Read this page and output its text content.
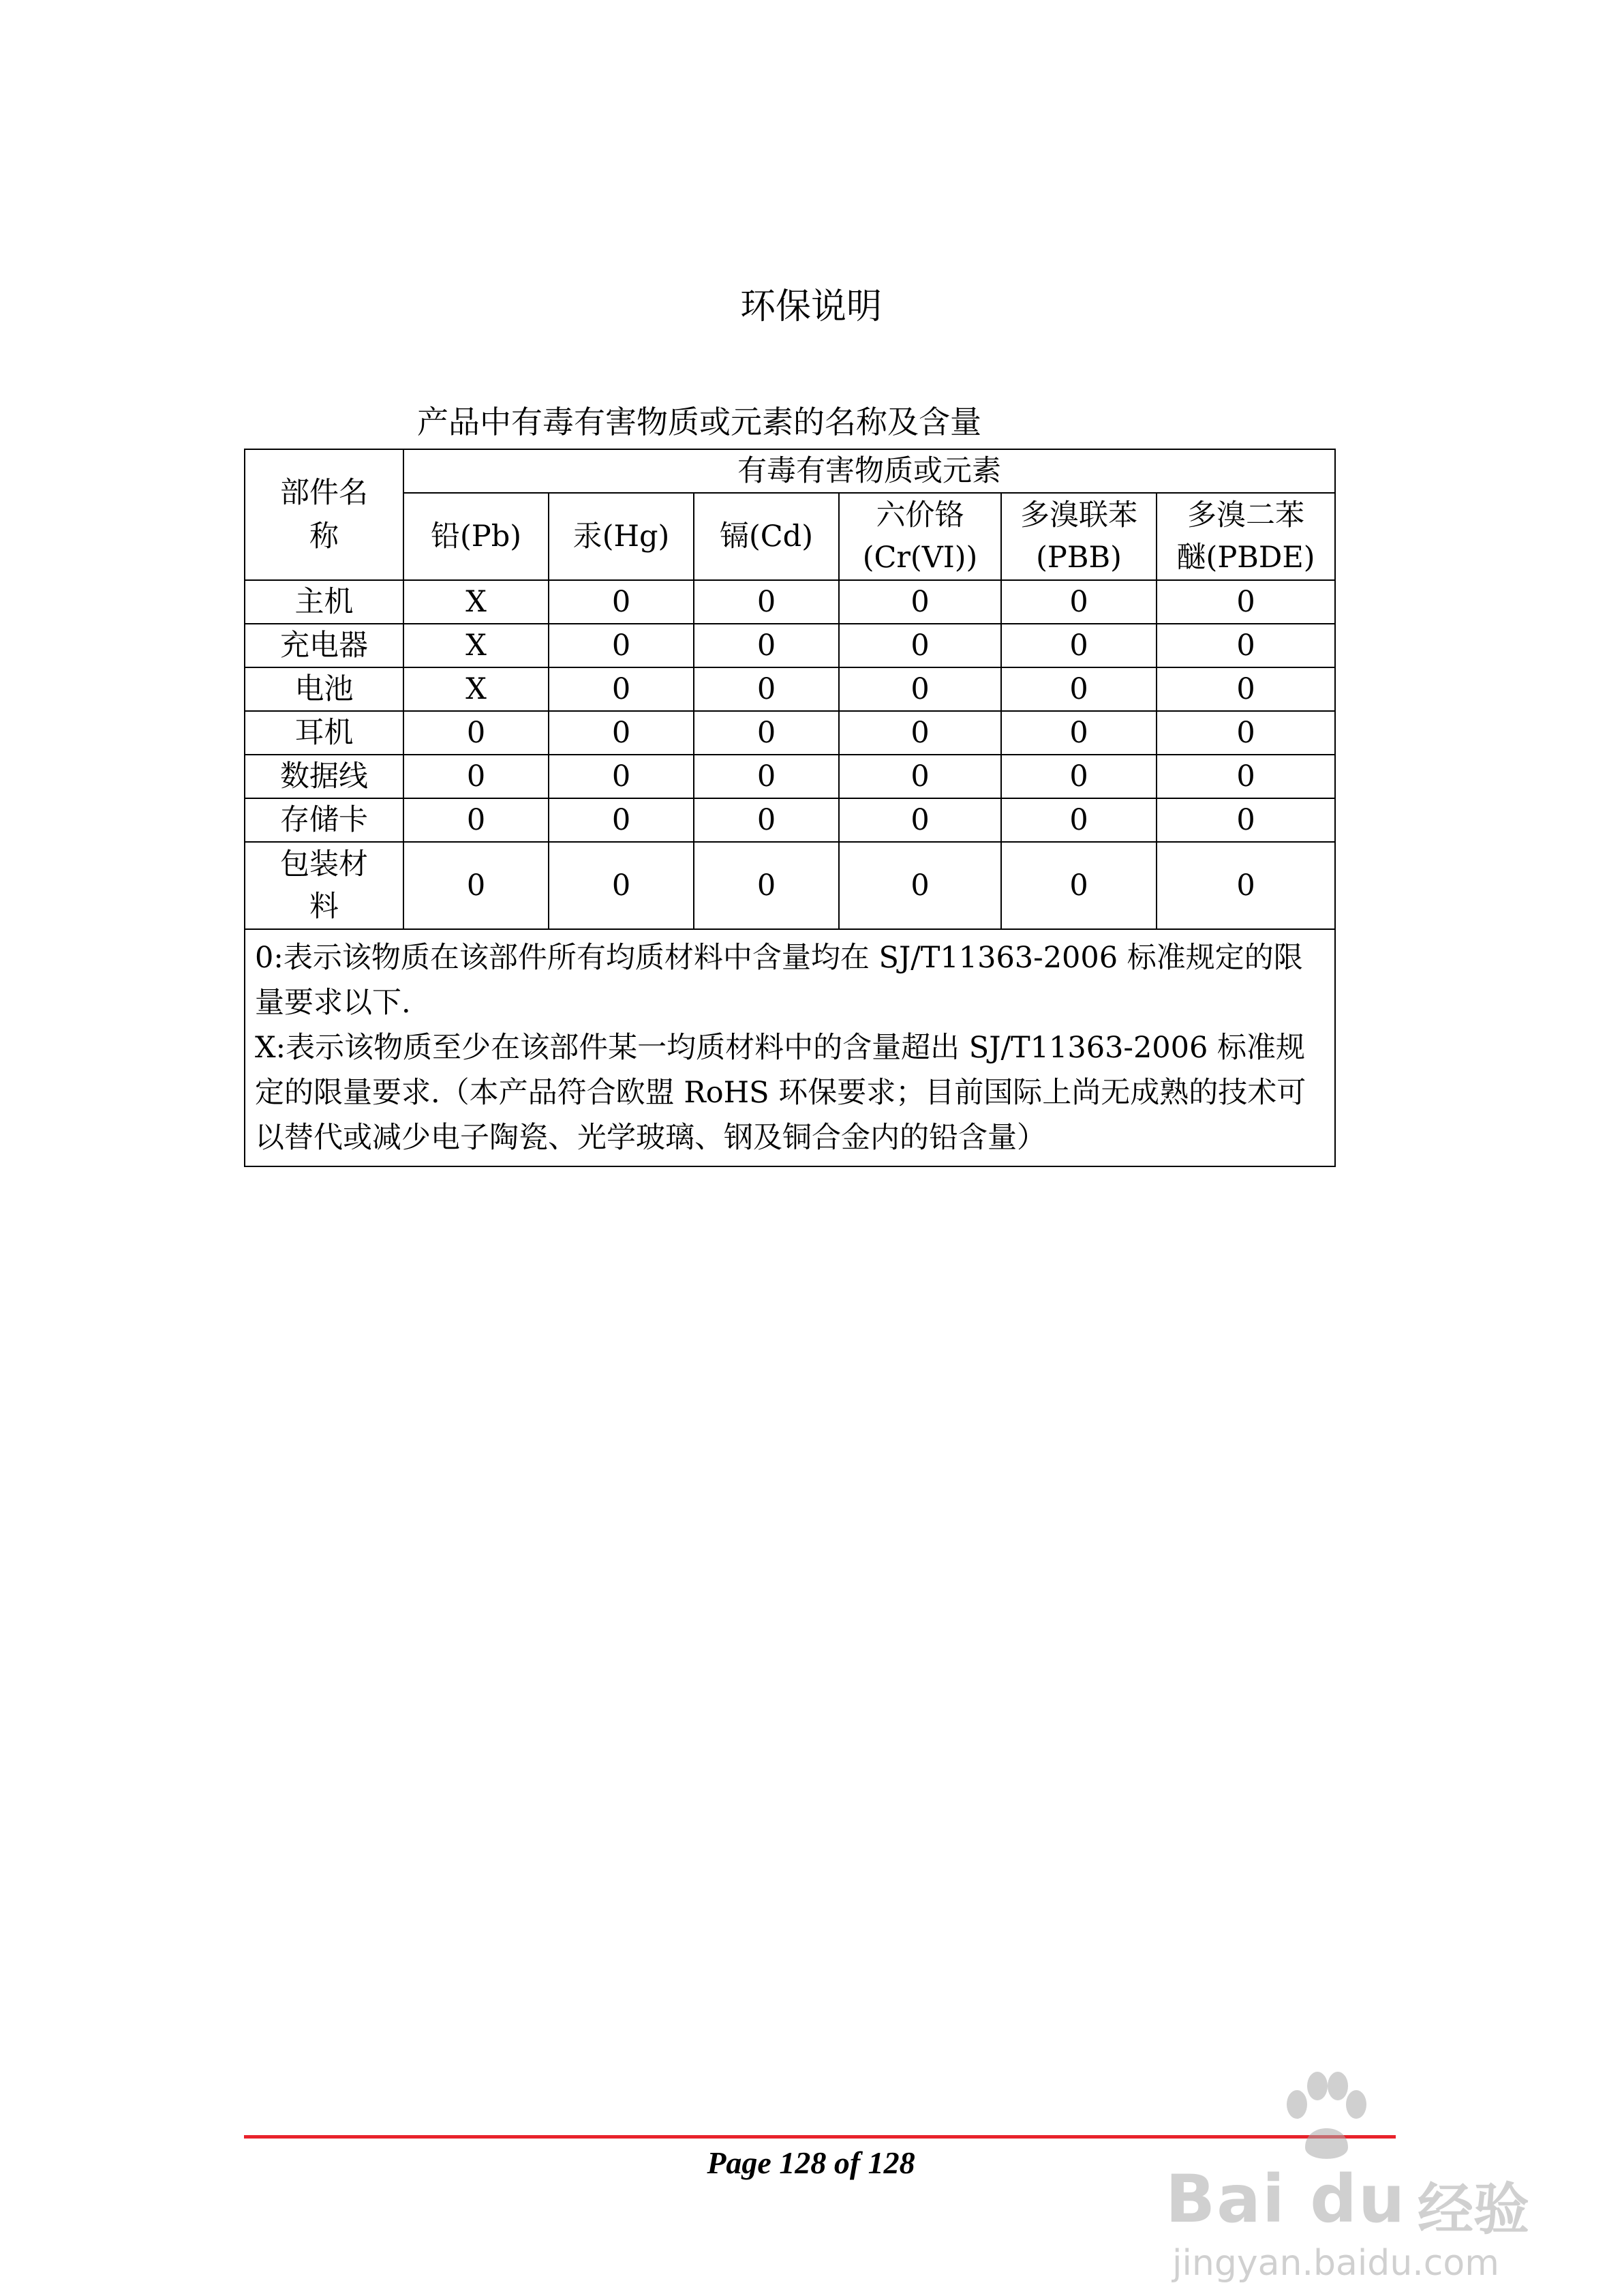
环保说明
产品中有毒有害物质或元素的名称及含量
部件名称	有毒有害物质或元素					
	铅(Pb)	汞(Hg)	镉(Cd)	六价铬(Cr(VI))	多溴联苯(PBB)	多溴二苯醚(PBDE)
主机	X	0	0	0	0	0
充电器	X	0	0	0	0	0
电池	X	0	0	0	0	0
耳机	0	0	0	0	0	0
数据线	0	0	0	0	0	0
存储卡	0	0	0	0	0	0
包装材料	0	0	0	0	0	0

0:表示该物质在该部件所有均质材料中含量均在 SJ/T11363-2006 标准规定的限量要求以下.
X:表示该物质至少在该部件某一均质材料中的含量超出 SJ/T11363-2006 标准规定的限量要求.（本产品符合欧盟 RoHS 环保要求；目前国际上尚无成熟的技术可以替代或减少电子陶瓷、光学玻璃、钢及铜合金内的铅含量）						
Page 128 of 128	Bai du 经验
jingyan.baidu.com
